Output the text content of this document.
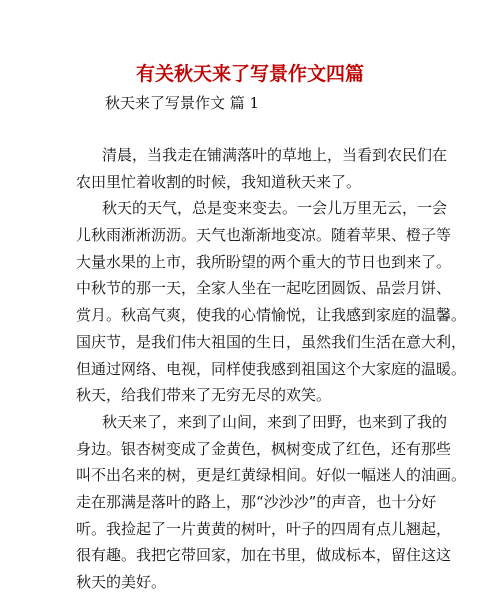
有关秋天来了写景作文四篇
秋天来了写景作文 篇 1
清晨，当我走在铺满落叶的草地上，当看到农民们在
农田里忙着收割的时候，我知道秋天来了。
秋天的天气，总是变来变去。一会儿万里无云，一会
儿秋雨淅淅沥沥。天气也渐渐地变凉。随着苹果、橙子等
大量水果的上市，我所盼望的两个重大的节日也到来了。
中秋节的那一天，全家人坐在一起吃团圆饭、品尝月饼、
赏月。秋高气爽，使我的心情愉悦，让我感到家庭的温馨。
国庆节，是我们伟大祖国的生日，虽然我们生活在意大利，
但通过网络、电视，同样使我感到祖国这个大家庭的温暖。
秋天，给我们带来了无穷无尽的欢笑。
秋天来了，来到了山间，来到了田野，也来到了我的
身边。银杏树变成了金黄色，枫树变成了红色，还有那些
叫不出名来的树，更是红黄绿相间。好似一幅迷人的油画。
走在那满是落叶的路上，那“沙沙沙”的声音，也十分好
听。我捡起了一片黄黄的树叶，叶子的四周有点儿翘起，
很有趣。我把它带回家，加在书里，做成标本，留住这这
秋天的美好。
